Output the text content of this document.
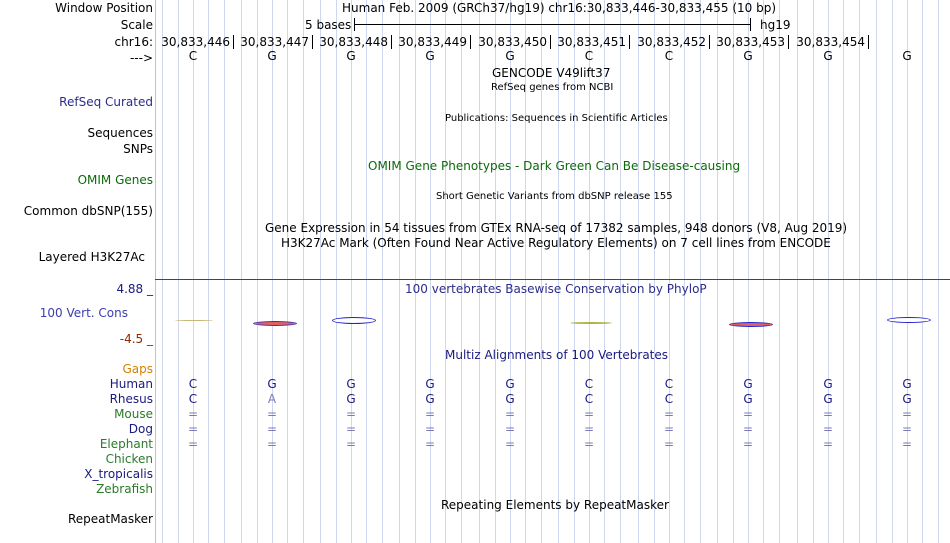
Window Position	Human Feb. 2009 (GRCh37/hg19) chr16:30,833,446-30,833,455 (10 bp)
Scale	5 bases	hg19
chr16: 30,833,446 30,833,447 30,833,448 30,833,449 30,833,450 30,833,451 30,833,452 30,833,453 30,833,454
--->	C	G	G	G	G	C	C	G	G	G
GENCODE V49lift37
RefSeq genes from NCBI
RefSeq Curated
Publications: Sequences in Scientific Articles
Sequences
SNPs
OMIM Gene Phenotypes - Dark Green Can Be Disease-causing
OMIM Genes
Short Genetic Variants from dbSNP release 155
Common dbSNP(155)
Gene Expression in 54 tissues from GTEx RNA-seq of 17382 samples, 948 donors (V8, Aug 2019)
H3K27Ac Mark (Often Found Near Active Regulatory Elements) on 7 cell lines from ENCODE
Layered H3K27Ac
100 vertebrates Basewise Conservation by PhyloP
4.88 _
100 Vert. Cons
-4.5 _
Multiz Alignments of 100 Vertebrates
Gaps
Human	C	G	G	G	G	C	C	G	G	G
Rhesus	C	A	G	G	G	C	C	G	G	G
Mouse	=	=	=	=	=	=	=	=	=	=
Dog	=	=	=	=	=	=	=	=	=	=
Elephant	=	=	=	=	=	=	=	=	=	=
Chicken
X_tropicalis
Zebrafish
Repeating Elements by RepeatMasker
RepeatMasker
